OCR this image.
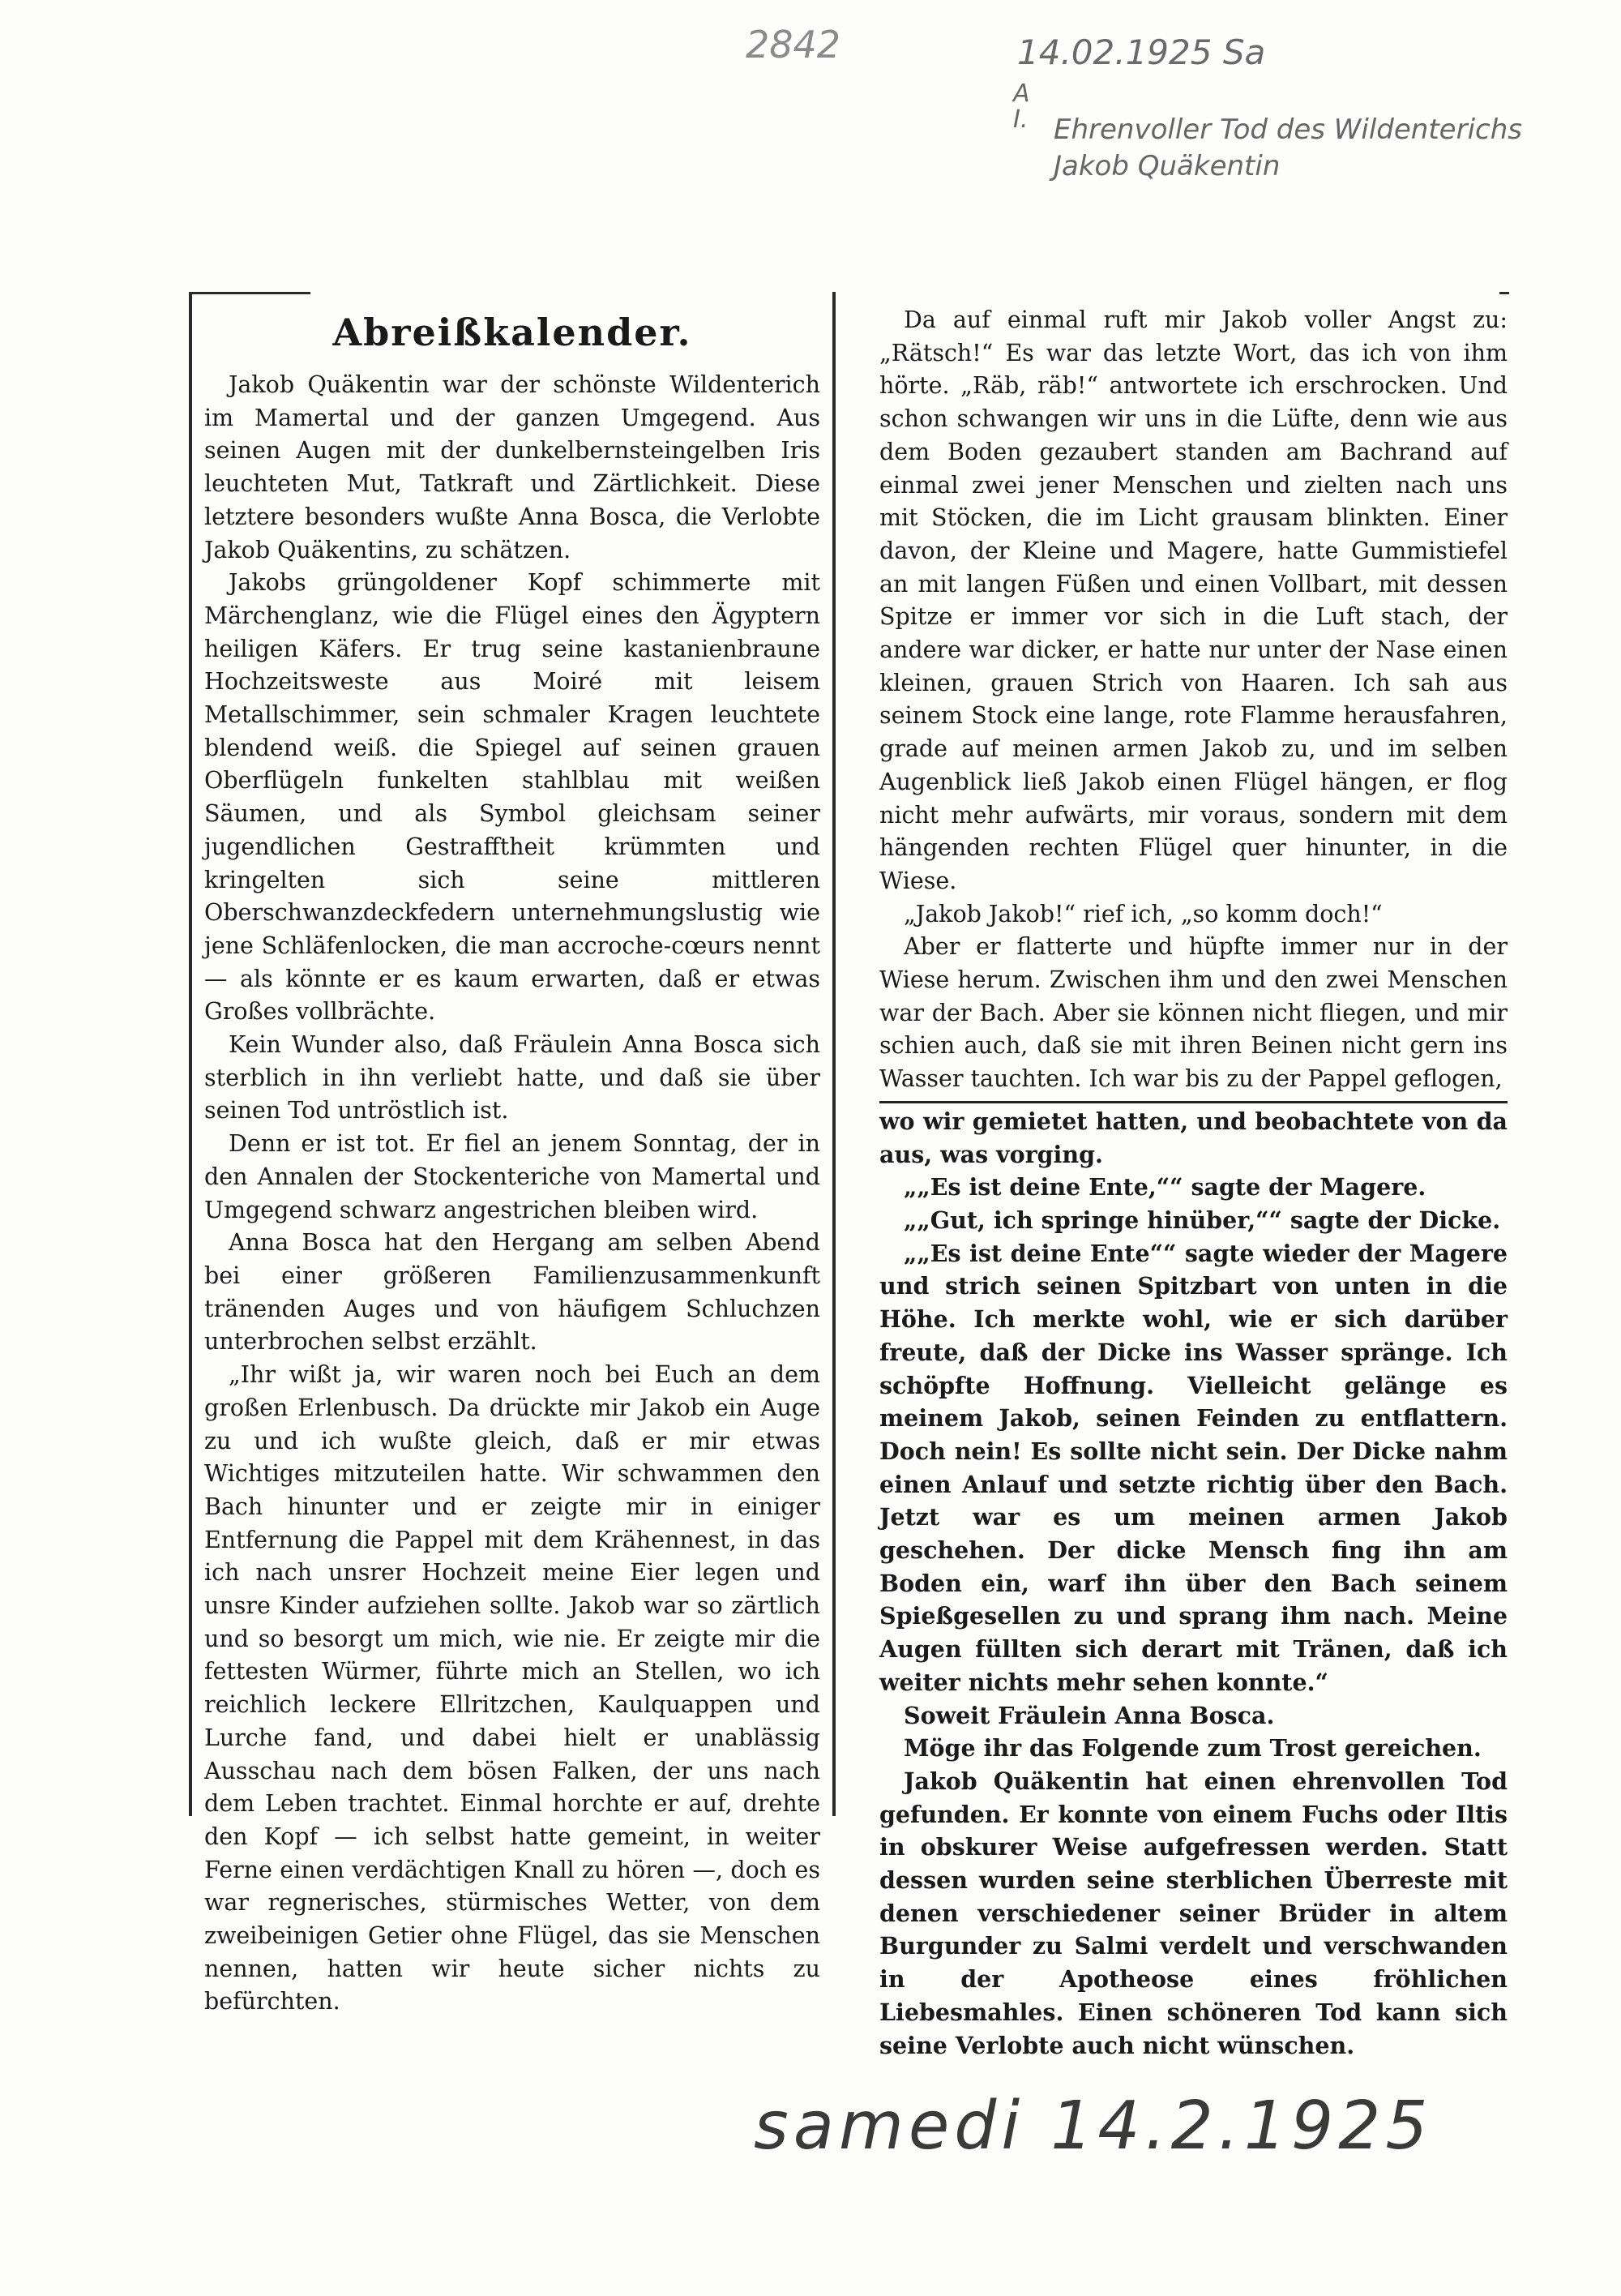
2842	14.02.1925 Sa
A
I. Ehrenvoller Tod des Wildenterichs
Jakob Quäkentin
Abreißkalender.

Jakob Quäkentin war der schönste Wildenterich im Mamertal und der ganzen Umgegend. Aus seinen Augen mit der dunkelbernsteingelben Iris leuchteten Mut, Tatkraft und Zärtlichkeit. Diese letztere besonders wußte Anna Bosca, die Verlobte Jakob Quäkentins, zu schätzen.

Jakobs grüngoldener Kopf schimmerte mit Märchenglanz, wie die Flügel eines den Ägyptern heiligen Käfers. Er trug seine kastanienbraune Hochzeitsweste aus Moiré mit leisem Metallschimmer, sein schmaler Kragen leuchtete blendend weiß. die Spiegel auf seinen grauen Oberflügeln funkelten stahlblau mit weißen Säumen, und als Symbol gleichsam seiner jugendlichen Gestrafftheit krümmten und kringelten sich seine mittleren Oberschwanzdeckfedern unternehmungslustig wie jene Schläfenlocken, die man accroche-cœurs nennt — als könnte er es kaum erwarten, daß er etwas Großes vollbrächte.

Kein Wunder also, daß Fräulein Anna Bosca sich sterblich in ihn verliebt hatte, und daß sie über seinen Tod untröstlich ist.

Denn er ist tot. Er fiel an jenem Sonntag, der in den Annalen der Stockenteriche von Mamertal und Umgegend schwarz angestrichen bleiben wird.

Anna Bosca hat den Hergang am selben Abend bei einer größeren Familienzusammenkunft tränenden Auges und von häufigem Schluchzen unterbrochen selbst erzählt.

„Ihr wißt ja, wir waren noch bei Euch an dem großen Erlenbusch. Da drückte mir Jakob ein Auge zu und ich wußte gleich, daß er mir etwas Wichtiges mitzuteilen hatte. Wir schwammen den Bach hinunter und er zeigte mir in einiger Entfernung die Pappel mit dem Krähennest, in das ich nach unsrer Hochzeit meine Eier legen und unsre Kinder aufziehen sollte. Jakob war so zärtlich und so besorgt um mich, wie nie. Er zeigte mir die fettesten Würmer, führte mich an Stellen, wo ich reichlich leckere Ellritzchen, Kaulquappen und Lurche fand, und dabei hielt er unablässig Ausschau nach dem bösen Falken, der uns nach dem Leben trachtet. Einmal horchte er auf, drehte den Kopf — ich selbst hatte gemeint, in weiter Ferne einen verdächtigen Knall zu hören —, doch es war regnerisches, stürmisches Wetter, von dem zweibeinigen Getier ohne Flügel, das sie Menschen nennen, hatten wir heute sicher nichts zu befürchten.

Da auf einmal ruft mir Jakob voller Angst zu: „Rätsch!“ Es war das letzte Wort, das ich von ihm hörte. „Räb, räb!“ antwortete ich erschrocken. Und schon schwangen wir uns in die Lüfte, denn wie aus dem Boden gezaubert standen am Bachrand auf einmal zwei jener Menschen und zielten nach uns mit Stöcken, die im Licht grausam blinkten. Einer davon, der Kleine und Magere, hatte Gummistiefel an mit langen Füßen und einen Vollbart, mit dessen Spitze er immer vor sich in die Luft stach, der andere war dicker, er hatte nur unter der Nase einen kleinen, grauen Strich von Haaren. Ich sah aus seinem Stock eine lange, rote Flamme herausfahren, grade auf meinen armen Jakob zu, und im selben Augenblick ließ Jakob einen Flügel hängen, er flog nicht mehr aufwärts, mir voraus, sondern mit dem hängenden rechten Flügel quer hinunter, in die Wiese.

„Jakob Jakob!“ rief ich, „so komm doch!“

Aber er flatterte und hüpfte immer nur in der Wiese herum. Zwischen ihm und den zwei Menschen war der Bach. Aber sie können nicht fliegen, und mir schien auch, daß sie mit ihren Beinen nicht gern ins Wasser tauchten. Ich war bis zu der Pappel geflogen,

wo wir gemietet hatten, und beobachtete von da aus, was vorging.

„„Es ist deine Ente,““ sagte der Magere.

„„Gut, ich springe hinüber,““ sagte der Dicke.

„„Es ist deine Ente““ sagte wieder der Magere und strich seinen Spitzbart von unten in die Höhe. Ich merkte wohl, wie er sich darüber freute, daß der Dicke ins Wasser spränge. Ich schöpfte Hoffnung. Vielleicht gelänge es meinem Jakob, seinen Feinden zu entflattern. Doch nein! Es sollte nicht sein. Der Dicke nahm einen Anlauf und setzte richtig über den Bach. Jetzt war es um meinen armen Jakob geschehen. Der dicke Mensch fing ihn am Boden ein, warf ihn über den Bach seinem Spießgesellen zu und sprang ihm nach. Meine Augen füllten sich derart mit Tränen, daß ich weiter nichts mehr sehen konnte.“

Soweit Fräulein Anna Bosca.

Möge ihr das Folgende zum Trost gereichen.

Jakob Quäkentin hat einen ehrenvollen Tod gefunden. Er konnte von einem Fuchs oder Iltis in obskurer Weise aufgefressen werden. Statt dessen wurden seine sterblichen Überreste mit denen verschiedener seiner Brüder in altem Burgunder zu Salmi verdelt und verschwanden in der Apotheose eines fröhlichen Liebesmahles. Einen schöneren Tod kann sich seine Verlobte auch nicht wünschen.

samedi 14.2.1925
